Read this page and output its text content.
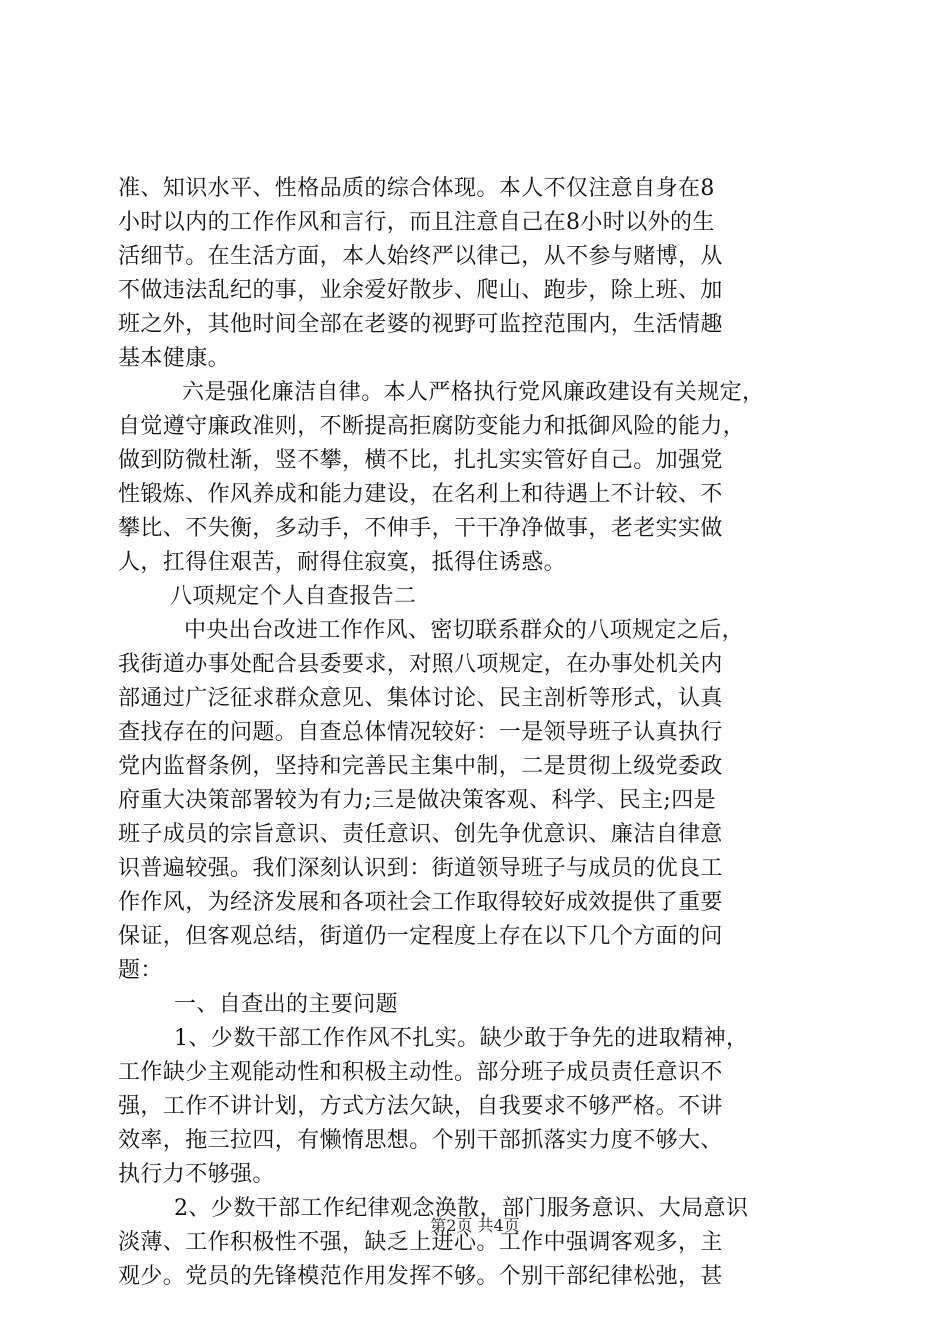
准、知识水平、性格品质的综合体现。本人不仅注意自身在8
小时以内的工作作风和言行，而且注意自己在8小时以外的生
活细节。在生活方面，本人始终严以律己，从不参与赌博，从
不做违法乱纪的事，业余爱好散步、爬山、跑步，除上班、加
班之外，其他时间全部在老婆的视野可监控范围内，生活情趣
基本健康。
六是强化廉洁自律。本人严格执行党风廉政建设有关规定，
自觉遵守廉政准则，不断提高拒腐防变能力和抵御风险的能力，
做到防微杜渐，竖不攀，横不比，扎扎实实管好自己。加强党
性锻炼、作风养成和能力建设，在名利上和待遇上不计较、不
攀比、不失衡，多动手，不伸手，干干净净做事，老老实实做
人，扛得住艰苦，耐得住寂寞，抵得住诱惑。
八项规定个人自查报告二
中央出台改进工作作风、密切联系群众的八项规定之后，
我街道办事处配合县委要求，对照八项规定，在办事处机关内
部通过广泛征求群众意见、集体讨论、民主剖析等形式，认真
查找存在的问题。自查总体情况较好：一是领导班子认真执行
党内监督条例，坚持和完善民主集中制，二是贯彻上级党委政
府重大决策部署较为有力;三是做决策客观、科学、民主;四是
班子成员的宗旨意识、责任意识、创先争优意识、廉洁自律意
识普遍较强。我们深刻认识到：街道领导班子与成员的优良工
作作风，为经济发展和各项社会工作取得较好成效提供了重要
保证，但客观总结，街道仍一定程度上存在以下几个方面的问
题：
一、自查出的主要问题
1、少数干部工作作风不扎实。缺少敢于争先的进取精神，
工作缺少主观能动性和积极主动性。部分班子成员责任意识不
强，工作不讲计划，方式方法欠缺，自我要求不够严格。不讲
效率，拖三拉四，有懒惰思想。个别干部抓落实力度不够大、
执行力不够强。
2、少数干部工作纪律观念涣散，部门服务意识、大局意识
淡薄、工作积极性不强，缺乏上进心。工作中强调客观多，主
观少。党员的先锋模范作用发挥不够。个别干部纪律松弛，甚
第2页 共4页
